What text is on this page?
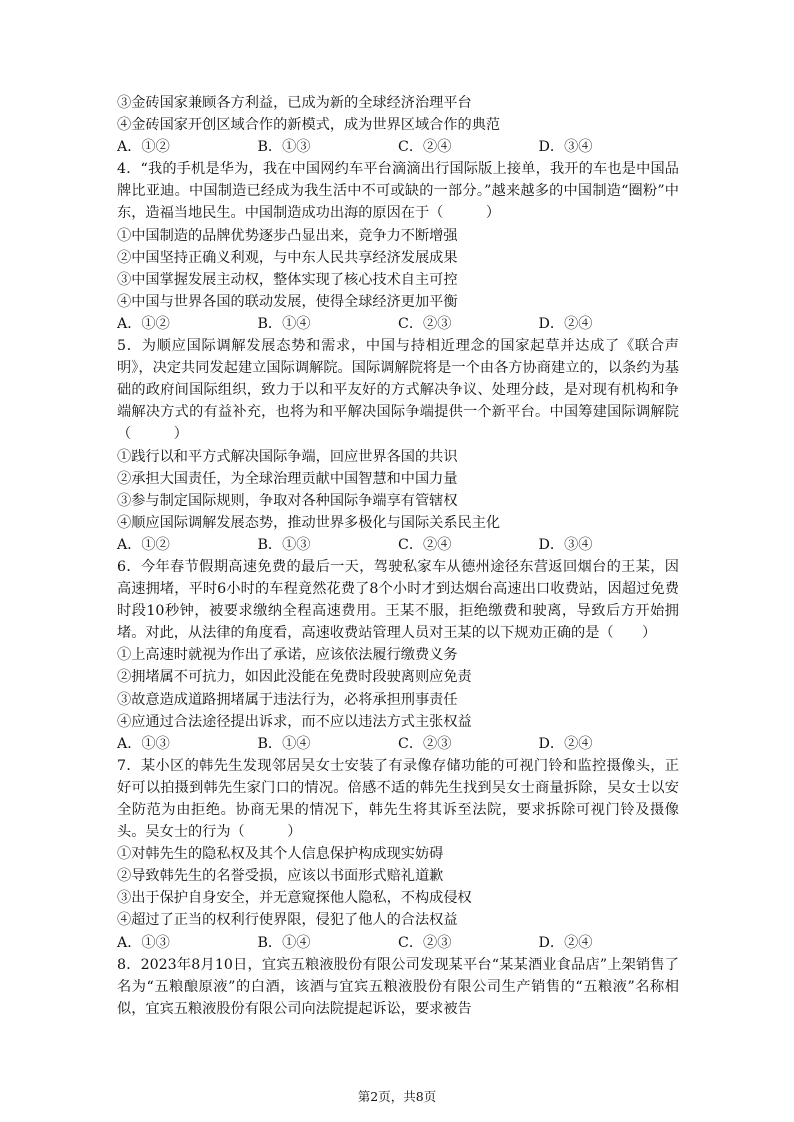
③金砖国家兼顾各方利益，已成为新的全球经济治理平台
④金砖国家开创区域合作的新模式，成为世界区域合作的典范
A．①②	B．①③	C．②④	D．③④
4．“我的手机是华为，我在中国网约车平台滴滴出行国际版上接单，我开的车也是中国品牌比亚迪。中国制造已经成为我生活中不可或缺的一部分。”越来越多的中国制造“圈粉”中东，造福当地民生。中国制造成功出海的原因在于（　　　）
①中国制造的品牌优势逐步凸显出来，竞争力不断增强
②中国坚持正确义利观，与中东人民共享经济发展成果
③中国掌握发展主动权，整体实现了核心技术自主可控
④中国与世界各国的联动发展，使得全球经济更加平衡
A．①②	B．①④	C．②③	D．②④
5．为顺应国际调解发展态势和需求，中国与持相近理念的国家起草并达成了《联合声明》，决定共同发起建立国际调解院。国际调解院将是一个由各方协商建立的，以条约为基础的政府间国际组织，致力于以和平友好的方式解决争议、处理分歧，是对现有机构和争端解决方式的有益补充，也将为和平解决国际争端提供一个新平台。中国筹建国际调解院（　　　）
①践行以和平方式解决国际争端，回应世界各国的共识
②承担大国责任，为全球治理贡献中国智慧和中国力量
③参与制定国际规则，争取对各种国际争端享有管辖权
④顺应国际调解发展态势，推动世界多极化与国际关系民主化
A．①②	B．①③	C．②④	D．③④
6．今年春节假期高速免费的最后一天，驾驶私家车从德州途径东营返回烟台的王某，因高速拥堵，平时6小时的车程竟然花费了8个小时才到达烟台高速出口收费站，因超过免费时段10秒钟，被要求缴纳全程高速费用。王某不服，拒绝缴费和驶离，导致后方开始拥堵。对此，从法律的角度看，高速收费站管理人员对王某的以下规劝正确的是（　　）
①上高速时就视为作出了承诺，应该依法履行缴费义务
②拥堵属不可抗力，如因此没能在免费时段驶离则应免责
③故意造成道路拥堵属于违法行为，必将承担刑事责任
④应通过合法途径提出诉求，而不应以违法方式主张权益
A．①③	B．①④	C．②③	D．②④
7．某小区的韩先生发现邻居吴女士安装了有录像存储功能的可视门铃和监控摄像头，正好可以拍摄到韩先生家门口的情况。倍感不适的韩先生找到吴女士商量拆除，吴女士以安全防范为由拒绝。协商无果的情况下，韩先生将其诉至法院，要求拆除可视门铃及摄像头。吴女士的行为（　　　）
①对韩先生的隐私权及其个人信息保护构成现实妨碍
②导致韩先生的名誉受损，应该以书面形式赔礼道歉
③出于保护自身安全，并无意窥探他人隐私，不构成侵权
④超过了正当的权利行使界限，侵犯了他人的合法权益
A．①③	B．①④	C．②③	D．②④
8．2023年8月10日，宜宾五粮液股份有限公司发现某平台“某某酒业食品店”上架销售了名为“五粮酿原液”的白酒，该酒与宜宾五粮液股份有限公司生产销售的“五粮液”名称相似，宜宾五粮液股份有限公司向法院提起诉讼，要求被告
第2页，共8页
